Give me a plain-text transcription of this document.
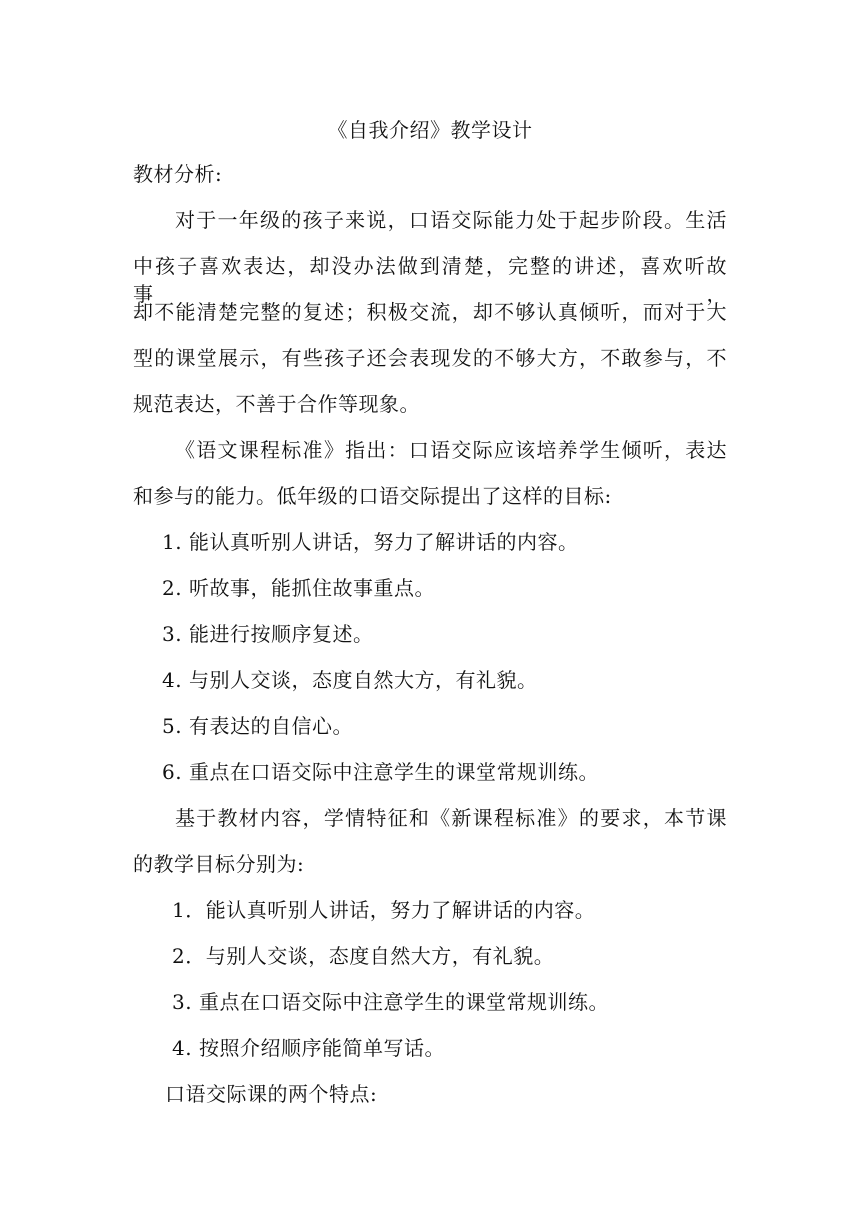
《自我介绍》教学设计
教材分析:
对于一年级的孩子来说，口语交际能力处于起步阶段。生活
中孩子喜欢表达，却没办法做到清楚，完整的讲述，喜欢听故事，
却不能清楚完整的复述；积极交流，却不够认真倾听，而对于大
型的课堂展示，有些孩子还会表现发的不够大方，不敢参与，不
规范表达，不善于合作等现象。
《语文课程标准》指出：口语交际应该培养学生倾听，表达
和参与的能力。低年级的口语交际提出了这样的目标:
1. 能认真听别人讲话，努力了解讲话的内容。
2. 听故事，能抓住故事重点。
3. 能进行按顺序复述。
4. 与别人交谈，态度自然大方，有礼貌。
5. 有表达的自信心。
6. 重点在口语交际中注意学生的课堂常规训练。
基于教材内容，学情特征和《新课程标准》的要求，本节课
的教学目标分别为:
1．能认真听别人讲话，努力了解讲话的内容。
2．与别人交谈，态度自然大方，有礼貌。
3. 重点在口语交际中注意学生的课堂常规训练。
4. 按照介绍顺序能简单写话。
口语交际课的两个特点:
